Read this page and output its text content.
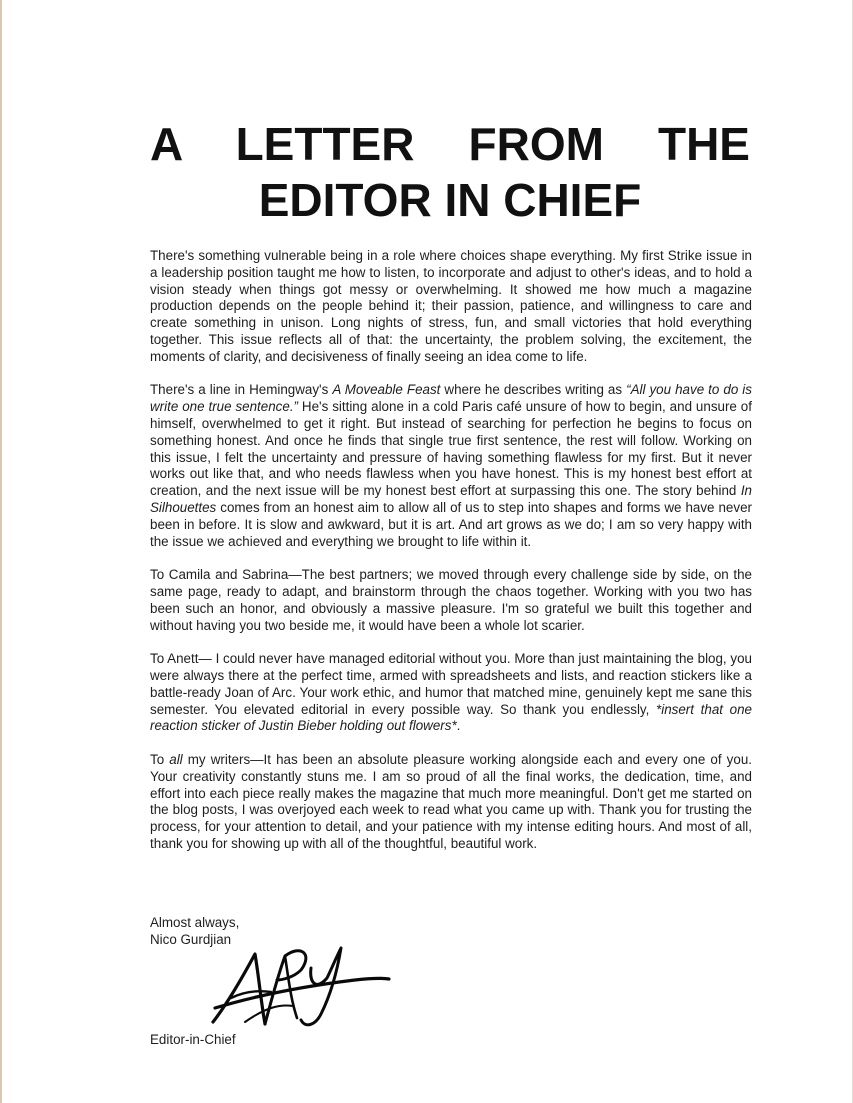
A LETTER FROM THE
EDITOR IN CHIEF

There's something vulnerable being in a role where choices shape everything. My first Strike issue in a leadership position taught me how to listen, to incorporate and adjust to other's ideas, and to hold a vision steady when things got messy or overwhelming. It showed me how much a magazine production depends on the people behind it; their passion, patience, and willingness to care and create something in unison. Long nights of stress, fun, and small victories that hold everything together. This issue reflects all of that: the uncertainty, the problem solving, the excitement, the moments of clarity, and decisiveness of finally seeing an idea come to life.

There's a line in Hemingway's A Moveable Feast where he describes writing as “All you have to do is write one true sentence.” He's sitting alone in a cold Paris café unsure of how to begin, and unsure of himself, overwhelmed to get it right. But instead of searching for perfection he begins to focus on something honest. And once he finds that single true first sentence, the rest will follow. Working on this issue, I felt the uncertainty and pressure of having something flawless for my first. But it never works out like that, and who needs flawless when you have honest. This is my honest best effort at creation, and the next issue will be my honest best effort at surpassing this one. The story behind In Silhouettes comes from an honest aim to allow all of us to step into shapes and forms we have never been in before. It is slow and awkward, but it is art. And art grows as we do; I am so very happy with the issue we achieved and everything we brought to life within it.

To Camila and Sabrina—The best partners; we moved through every challenge side by side, on the same page, ready to adapt, and brainstorm through the chaos together. Working with you two has been such an honor, and obviously a massive pleasure. I'm so grateful we built this together and without having you two beside me, it would have been a whole lot scarier.

To Anett— I could never have managed editorial without you. More than just maintaining the blog, you were always there at the perfect time, armed with spreadsheets and lists, and reaction stickers like a battle-ready Joan of Arc. Your work ethic, and humor that matched mine, genuinely kept me sane this semester. You elevated editorial in every possible way. So thank you endlessly, *insert that one reaction sticker of Justin Bieber holding out flowers*.

To all my writers—It has been an absolute pleasure working alongside each and every one of you. Your creativity constantly stuns me. I am so proud of all the final works, the dedication, time, and effort into each piece really makes the magazine that much more meaningful. Don't get me started on the blog posts, I was overjoyed each week to read what you came up with. Thank you for trusting the process, for your attention to detail, and your patience with my intense editing hours. And most of all, thank you for showing up with all of the thoughtful, beautiful work.

Almost always,
Nico Gurdjian
Editor-in-Chief
